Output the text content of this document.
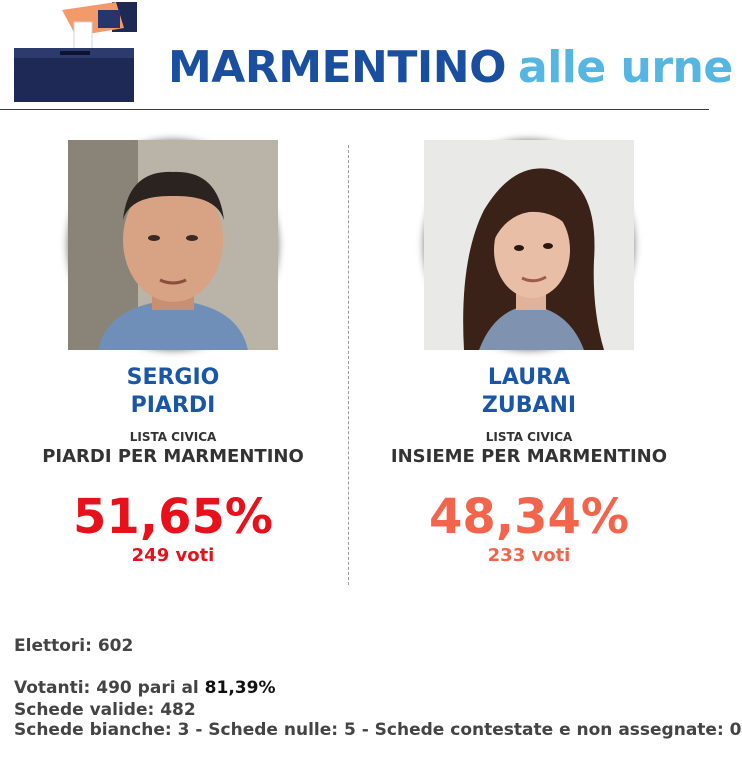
MARMENTINO alle urne
SERGIO
PIARDI
LISTA CIVICA
PIARDI PER MARMENTINO
51,65%
249 voti
LAURA
ZUBANI
LISTA CIVICA
INSIEME PER MARMENTINO
48,34%
233 voti
Elettori: 602
Votanti: 490 pari al 81,39%
Schede valide: 482
Schede bianche: 3 - Schede nulle: 5 - Schede contestate e non assegnate: 0
